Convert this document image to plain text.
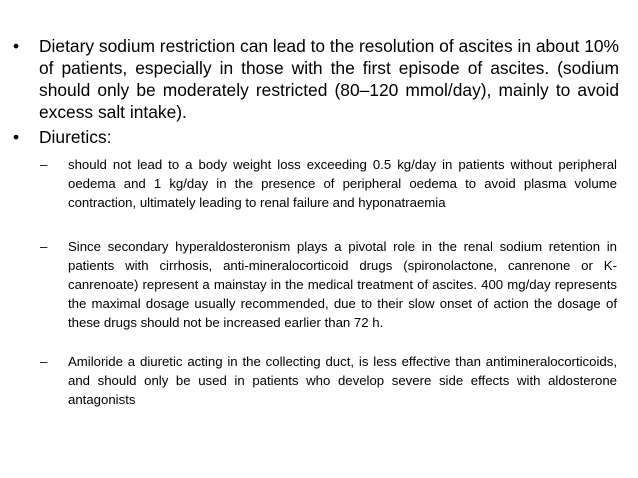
•	Dietary sodium restriction can lead to the resolution of ascites in about 10% of patients, especially in those with the first episode of ascites. (sodium should only be moderately restricted (80–120 mmol/day), mainly to avoid excess salt intake).
•	Diuretics:
–	should not lead to a body weight loss exceeding 0.5 kg/day in patients without peripheral oedema and 1 kg/day in the presence of peripheral oedema to avoid plasma volume contraction, ultimately leading to renal failure and hyponatraemia
–	Since secondary hyperaldosteronism plays a pivotal role in the renal sodium retention in patients with cirrhosis, anti-mineralocorticoid drugs (spironolactone, canrenone or K-canrenoate) represent a mainstay in the medical treatment of ascites. 400 mg/day represents the maximal dosage usually recommended, due to their slow onset of action the dosage of these drugs should not be increased earlier than 72 h.
–	Amiloride a diuretic acting in the collecting duct, is less effective than antimineralocorticoids, and should only be used in patients who develop severe side effects with aldosterone antagonists
